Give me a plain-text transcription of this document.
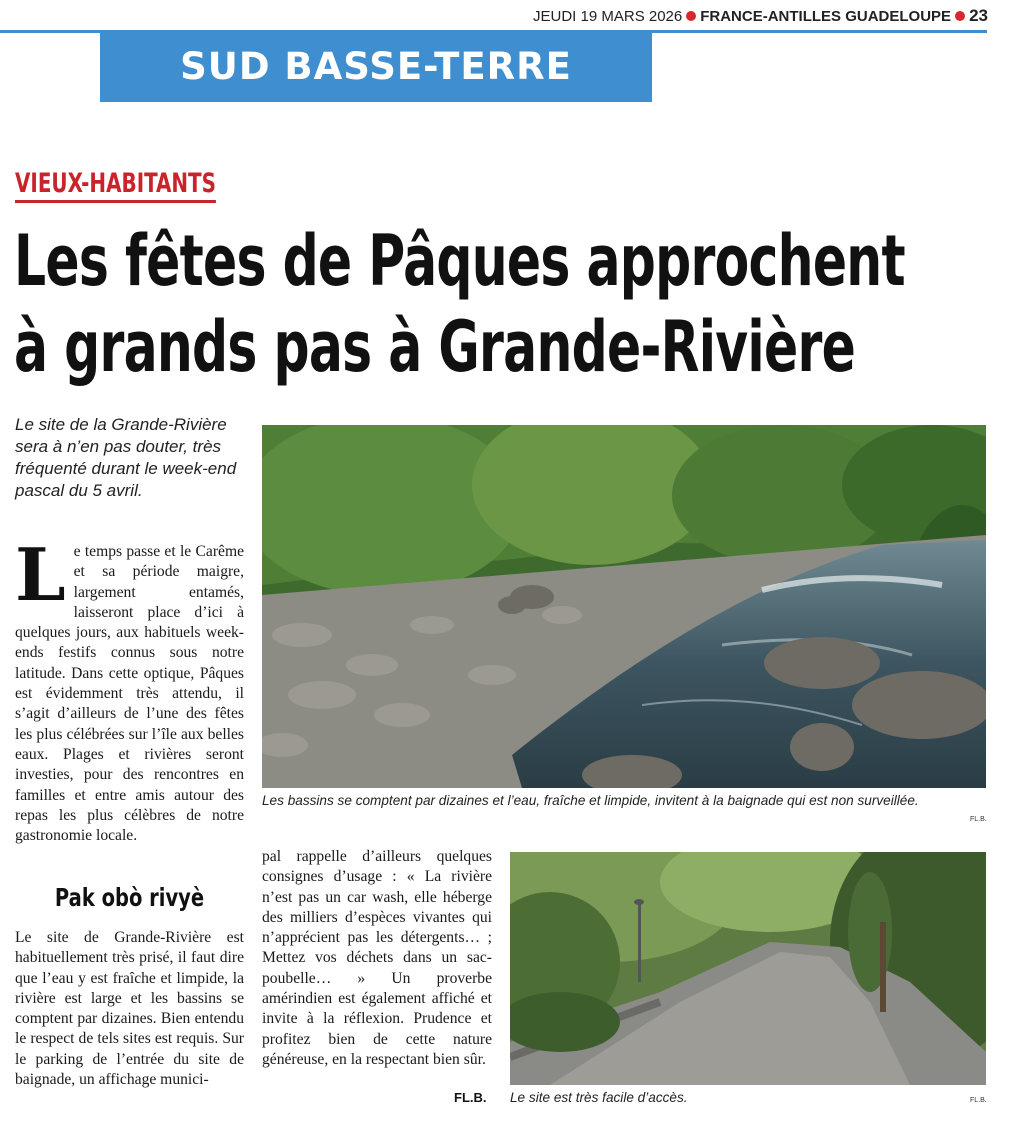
JEUDI 19 MARS 2026 FRANCE-ANTILLES GUADELOUPE 23
SUD BASSE-TERRE
VIEUX-HABITANTS
Les fêtes de Pâques approchent
à grands pas à Grande-Rivière
Le site de la Grande-Rivière sera à n’en pas douter, très fréquenté durant le week-end pascal du 5 avril.

Le temps passe et le Carême et sa période maigre, largement entamés, laisseront place d’ici à quelques jours, aux habituels week-ends festifs connus sous notre latitude. Dans cette optique, Pâques est évidemment très attendu, il s’agit d’ailleurs de l’une des fêtes les plus célébrées sur l’île aux belles eaux. Plages et rivières seront investies, pour des rencontres en familles et entre amis autour des repas les plus célèbres de notre gastronomie locale.

Pak obò rivyè

Le site de Grande-Rivière est habituellement très prisé, il faut dire que l’eau y est fraîche et limpide, la rivière est large et les bassins se comptent par dizaines. Bien entendu le respect de tels sites est requis. Sur le parking de l’entrée du site de baignade, un affichage munici-

pal rappelle d’ailleurs quelques consignes d’usage : « La rivière n’est pas un car wash, elle héberge des milliers d’espèces vivantes qui n’apprécient pas les détergents… ; Mettez vos déchets dans un sac-poubelle… » Un proverbe amérindien est également affiché et invite à la réflexion. Prudence et profitez bien de cette nature généreuse, en la respectant bien sûr.

FL.B.
Les bassins se comptent par dizaines et l’eau, fraîche et limpide, invitent à la baignade qui est non surveillée.
FL.B.
Le site est très facile d’accès.	FL.B.
